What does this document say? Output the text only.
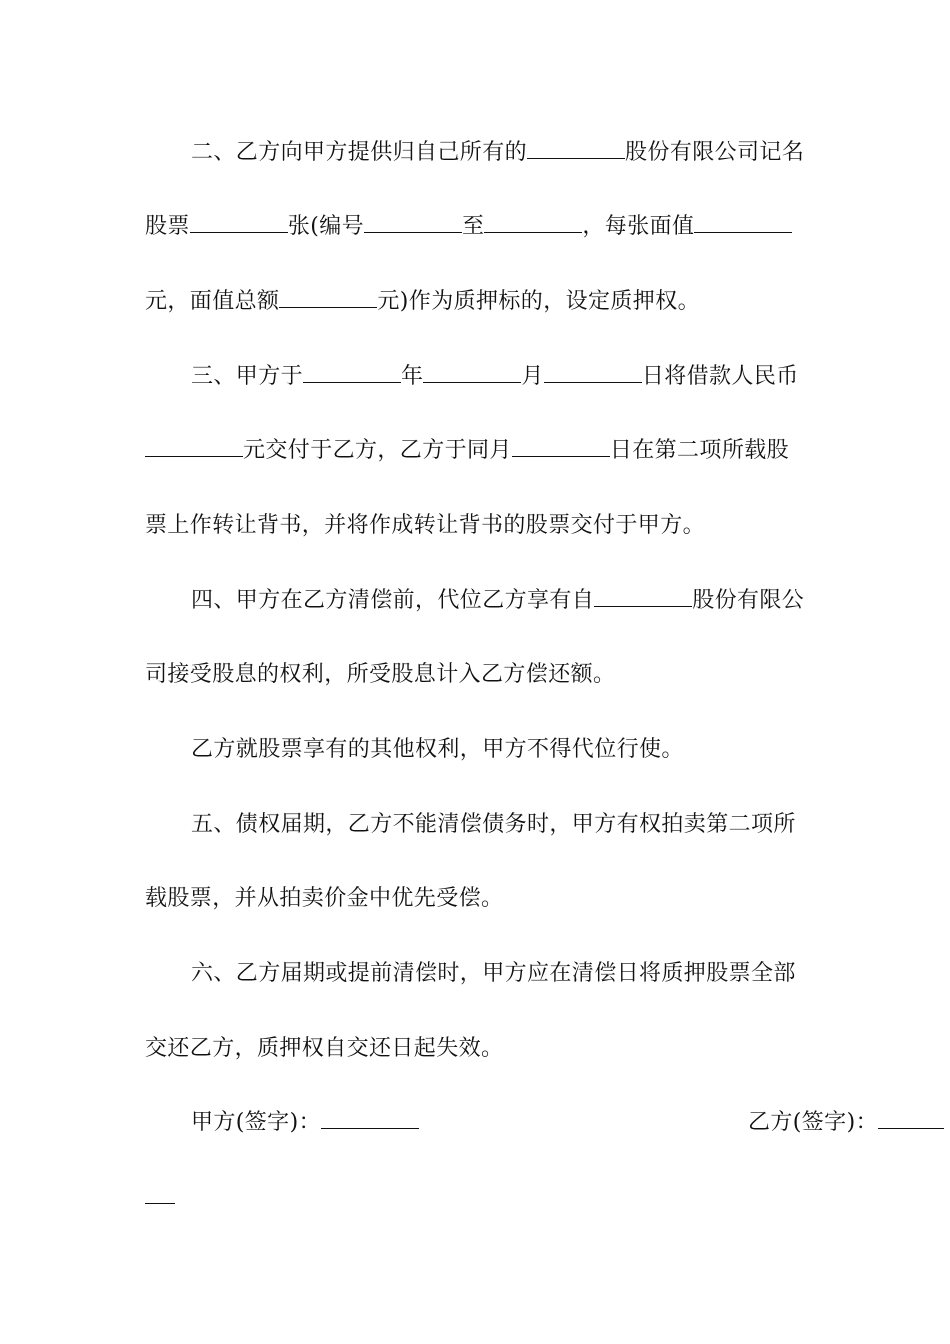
二、乙方向甲方提供归自己所有的	股份有限公司记名
股票	张(编号	至	，每张面值
元，面值总额	元)作为质押标的，设定质押权。
三、甲方于	年	月	日将借款人民币
元交付于乙方，乙方于同月	日在第二项所载股
票上作转让背书，并将作成转让背书的股票交付于甲方。
四、甲方在乙方清偿前，代位乙方享有自	股份有限公
司接受股息的权利，所受股息计入乙方偿还额。
乙方就股票享有的其他权利，甲方不得代位行使。
五、债权届期，乙方不能清偿债务时，甲方有权拍卖第二项所
载股票，并从拍卖价金中优先受偿。
六、乙方届期或提前清偿时，甲方应在清偿日将质押股票全部
交还乙方，质押权自交还日起失效。
甲方(签字)：	乙方(签字)：
